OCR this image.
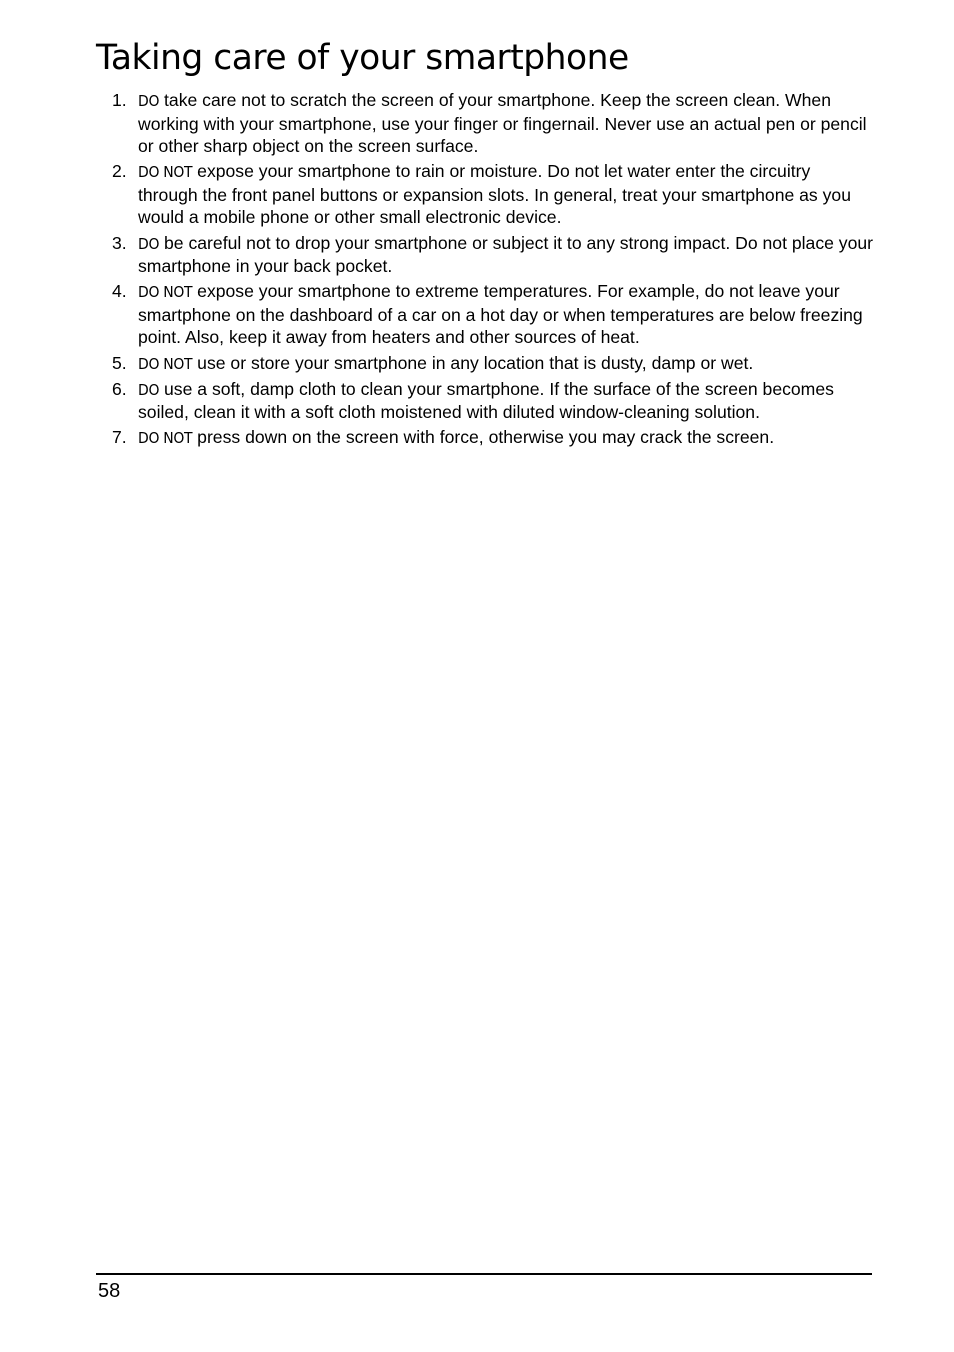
Taking care of your smartphone
1. DO take care not to scratch the screen of your smartphone. Keep the screen clean. When working with your smartphone, use your finger or fingernail. Never use an actual pen or pencil or other sharp object on the screen surface.
2. DO NOT expose your smartphone to rain or moisture. Do not let water enter the circuitry through the front panel buttons or expansion slots. In general, treat your smartphone as you would a mobile phone or other small electronic device.
3. DO be careful not to drop your smartphone or subject it to any strong impact. Do not place your smartphone in your back pocket.
4. DO NOT expose your smartphone to extreme temperatures. For example, do not leave your smartphone on the dashboard of a car on a hot day or when temperatures are below freezing point. Also, keep it away from heaters and other sources of heat.
5. DO NOT use or store your smartphone in any location that is dusty, damp or wet.
6. DO use a soft, damp cloth to clean your smartphone. If the surface of the screen becomes soiled, clean it with a soft cloth moistened with diluted window-cleaning solution.
7. DO NOT press down on the screen with force, otherwise you may crack the screen.
58
